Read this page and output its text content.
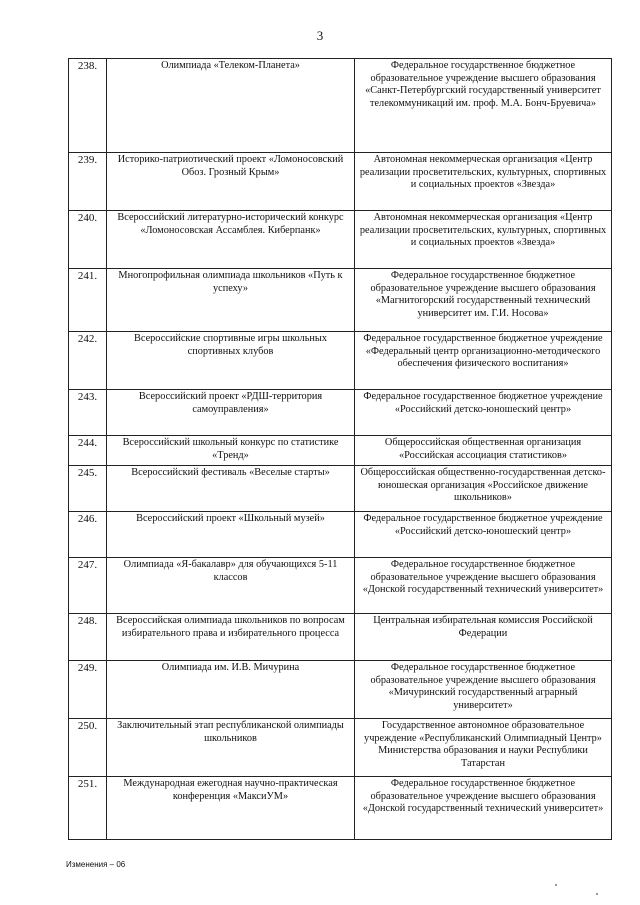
3
238.	Олимпиада «Телеком-Планета»	Федеральное государственное бюджетное образовательное учреждение высшего образования «Санкт-Петербургский государственный университет телекоммуникаций им. проф. М.А. Бонч-Бруевича»
239.	Историко-патриотический проект «Ломоносовский Обоз. Грозный Крым»	Автономная некоммерческая организация «Центр реализации просветительских, культурных, спортивных и социальных проектов «Звезда»
240.	Всероссийский литературно-исторический конкурс «Ломоносовская Ассамблея. Киберпанк»	Автономная некоммерческая организация «Центр реализации просветительских, культурных, спортивных и социальных проектов «Звезда»
241.	Многопрофильная олимпиада школьников «Путь к успеху»	Федеральное государственное бюджетное образовательное учреждение высшего образования «Магнитогорский государственный технический университет им. Г.И. Носова»
242.	Всероссийские спортивные игры школьных спортивных клубов	Федеральное государственное бюджетное учреждение «Федеральный центр организационно-методического обеспечения физического воспитания»
243.	Всероссийский проект «РДШ-территория самоуправления»	Федеральное государственное бюджетное учреждение «Российский детско-юношеский центр»
244.	Всероссийский школьный конкурс по статистике «Тренд»	Общероссийская общественная организация «Российская ассоциация статистиков»
245.	Всероссийский фестиваль «Веселые старты»	Общероссийская общественно-государственная детско-юношеская организация «Российское движение школьников»
246.	Всероссийский проект «Школьный музей»	Федеральное государственное бюджетное учреждение «Российский детско-юношеский центр»
247.	Олимпиада «Я-бакалавр» для обучающихся 5-11 классов	Федеральное государственное бюджетное образовательное учреждение высшего образования «Донской государственный технический университет»
248.	Всероссийская олимпиада школьников по вопросам избирательного права и избирательного процесса	Центральная избирательная комиссия Российской Федерации
249.	Олимпиада им. И.В. Мичурина	Федеральное государственное бюджетное образовательное учреждение высшего образования «Мичуринский государственный аграрный университет»
250.	Заключительный этап республиканской олимпиады школьников	Государственное автономное образовательное учреждение «Республиканский Олимпиадный Центр» Министерства образования и науки Республики Татарстан
251.	Международная ежегодная научно-практическая конференция «МаксиУМ»	Федеральное государственное бюджетное образовательное учреждение высшего образования «Донской государственный технический университет»
Изменения – 06
